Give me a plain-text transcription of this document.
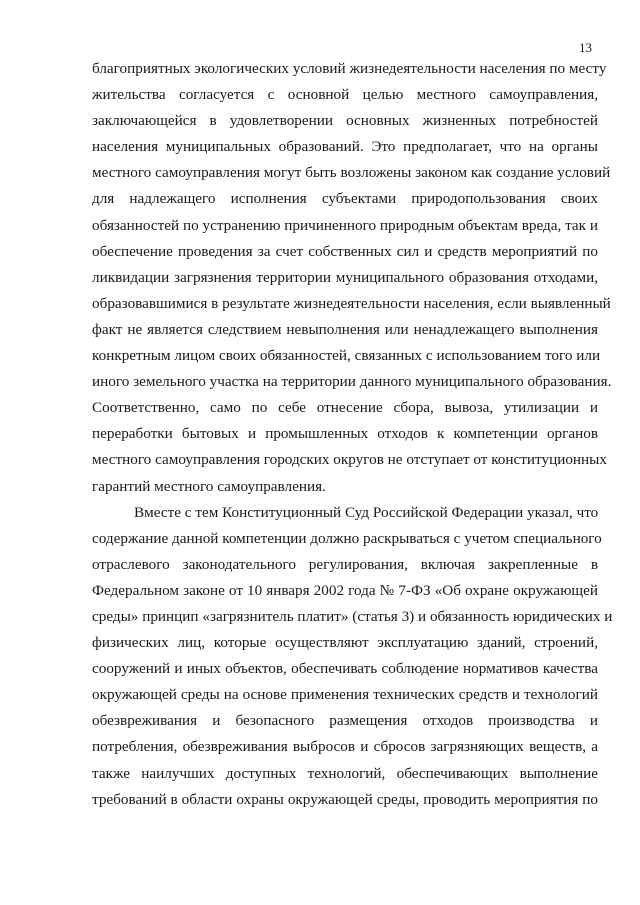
13
благоприятных экологических условий жизнедеятельности населения по месту
жительства согласуется с основной целью местного самоуправления,
заключающейся в удовлетворении основных жизненных потребностей
населения муниципальных образований. Это предполагает, что на органы
местного самоуправления могут быть возложены законом как создание условий
для надлежащего исполнения субъектами природопользования своих
обязанностей по устранению причиненного природным объектам вреда, так и
обеспечение проведения за счет собственных сил и средств мероприятий по
ликвидации загрязнения территории муниципального образования отходами,
образовавшимися в результате жизнедеятельности населения, если выявленный
факт не является следствием невыполнения или ненадлежащего выполнения
конкретным лицом своих обязанностей, связанных с использованием того или
иного земельного участка на территории данного муниципального образования.
Соответственно, само по себе отнесение сбора, вывоза, утилизации и
переработки бытовых и промышленных отходов к компетенции органов
местного самоуправления городских округов не отступает от конституционных
гарантий местного самоуправления.
Вместе с тем Конституционный Суд Российской Федерации указал, что
содержание данной компетенции должно раскрываться с учетом специального
отраслевого законодательного регулирования, включая закрепленные в
Федеральном законе от 10 января 2002 года № 7-ФЗ «Об охране окружающей
среды» принцип «загрязнитель платит» (статья 3) и обязанность юридических и
физических лиц, которые осуществляют эксплуатацию зданий, строений,
сооружений и иных объектов, обеспечивать соблюдение нормативов качества
окружающей среды на основе применения технических средств и технологий
обезвреживания и безопасного размещения отходов производства и
потребления, обезвреживания выбросов и сбросов загрязняющих веществ, а
также наилучших доступных технологий, обеспечивающих выполнение
требований в области охраны окружающей среды, проводить мероприятия по
